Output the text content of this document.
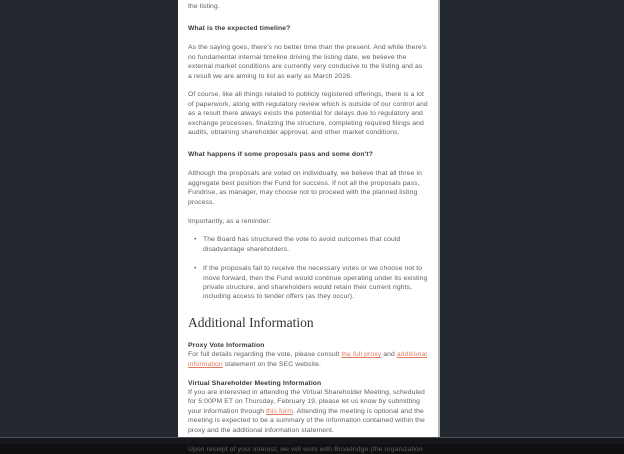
the listing.

What is the expected timeline?

As the saying goes, there's no better time than the present. And while there's no fundamental internal timeline driving the listing date, we believe the external market conditions are currently very conducive to the listing and as a result we are aiming to list as early as March 2026.

Of course, like all things related to publicly registered offerings, there is a lot of paperwork, along with regulatory review which is outside of our control and as a result there always exists the potential for delays due to regulatory and exchange processes, finalizing the structure, completing required filings and audits, obtaining shareholder approval, and other market conditions.

What happens if some proposals pass and some don't?

Although the proposals are voted on individually, we believe that all three in aggregate best position the Fund for success. If not all the proposals pass, Fundrise, as manager, may choose not to proceed with the planned listing process.

Importantly, as a reminder:

• The Board has structured the vote to avoid outcomes that could disadvantage shareholders.
• If the proposals fail to receive the necessary votes or we choose not to move forward, then the Fund would continue operating under its existing private structure, and shareholders would retain their current rights, including access to tender offers (as they occur).
Additional Information
Proxy Vote Information

For full details regarding the vote, please consult the full proxy and additional information statement on the SEC website.

Virtual Shareholder Meeting Information

If you are interested in attending the Virtual Shareholder Meeting, scheduled for 5:00PM ET on Thursday, February 19, please let us know by submitting your information through this form. Attending the meeting is optional and the meeting is expected to be a summary of the information contained within the proxy and the additional information statement.

Upon receipt of your interest, we will work with Broadridge (the organization
